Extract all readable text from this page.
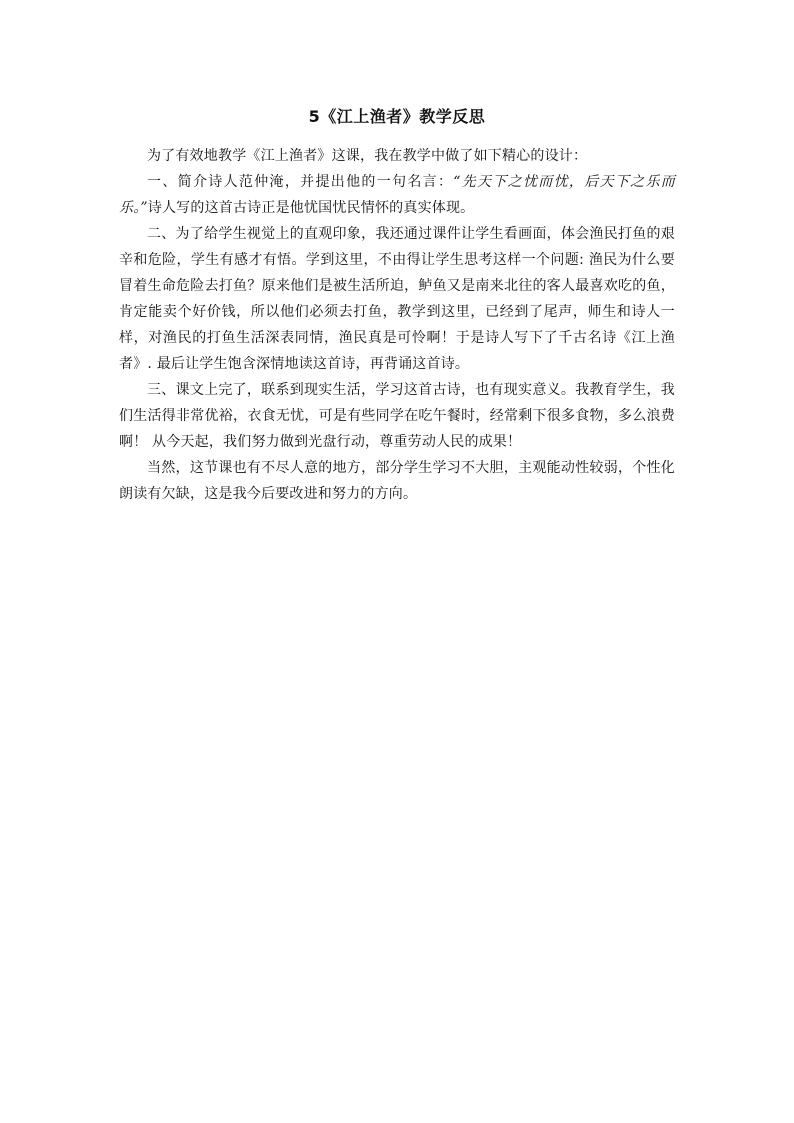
5《江上渔者》教学反思

为了有效地教学《江上渔者》这课，我在教学中做了如下精心的设计：

一、简介诗人范仲淹，并提出他的一句名言：“先天下之忧而忧，后天下之乐而乐。”诗人写的这首古诗正是他忧国忧民情怀的真实体现。

二、为了给学生视觉上的直观印象，我还通过课件让学生看画面，体会渔民打鱼的艰辛和危险，学生有感才有悟。学到这里，不由得让学生思考这样一个问题: 渔民为什么要冒着生命危险去打鱼？原来他们是被生活所迫，鲈鱼又是南来北往的客人最喜欢吃的鱼，肯定能卖个好价钱，所以他们必须去打鱼，教学到这里，已经到了尾声，师生和诗人一样，对渔民的打鱼生活深表同情，渔民真是可怜啊！于是诗人写下了千古名诗《江上渔者》. 最后让学生饱含深情地读这首诗，再背诵这首诗。

三、课文上完了，联系到现实生活，学习这首古诗，也有现实意义。我教育学生，我们生活得非常优裕，衣食无忧，可是有些同学在吃午餐时，经常剩下很多食物，多么浪费啊！ 从今天起，我们努力做到光盘行动，尊重劳动人民的成果！

当然，这节课也有不尽人意的地方，部分学生学习不大胆，主观能动性较弱，个性化朗读有欠缺，这是我今后要改进和努力的方向。
